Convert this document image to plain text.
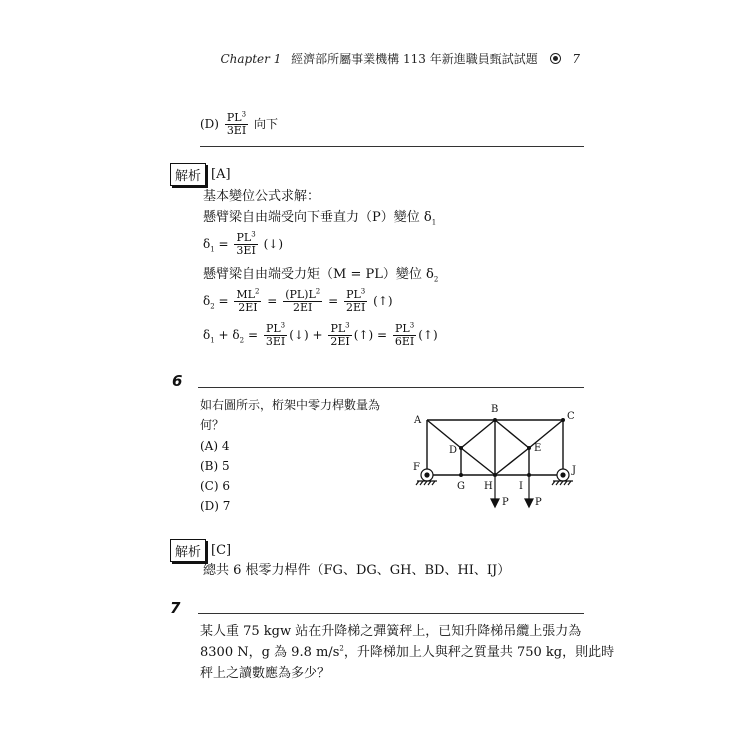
Chapter 1 經濟部所屬事業機構 113 年新進職員甄試試題	7
$(D) \frac{PL^3}{3EI}$ 向下
解析 [A]
基本變位公式求解：
懸臂梁自由端受向下垂直力（P）變位 $\delta_1$
$\delta_1 = \frac{PL^3}{3EI}$ (↓)
懸臂梁自由端受力矩（M = PL）變位 $\delta_2$
$\delta_2 = \frac{ML^2}{2EI} = \frac{(PL)L^2}{2EI} = \frac{PL^3}{2EI}$ (↑)
$\delta_1 + \delta_2 = \frac{PL^3}{3EI}$ (↓) + $\frac{PL^3}{2EI}$ (↑) = $\frac{PL^3}{6EI}$ (↑)
6
如右圖所示，桁架中零力桿數量為
何？
(A) 4
(B) 5
(C) 6
(D) 7
A
B
C
D	E
F
G H	I
J
P	P
解析 [C]
總共 6 根零力桿件（FG、DG、GH、BD、HI、IJ）
7
某人重 75 kgw 站在升降梯之彈簧秤上，已知升降梯吊纜上張力為
8300 N，g 為 9.8 $m/s^2$，升降梯加上人與秤之質量共 750 kg，則此時
秤上之讀數應為多少？
